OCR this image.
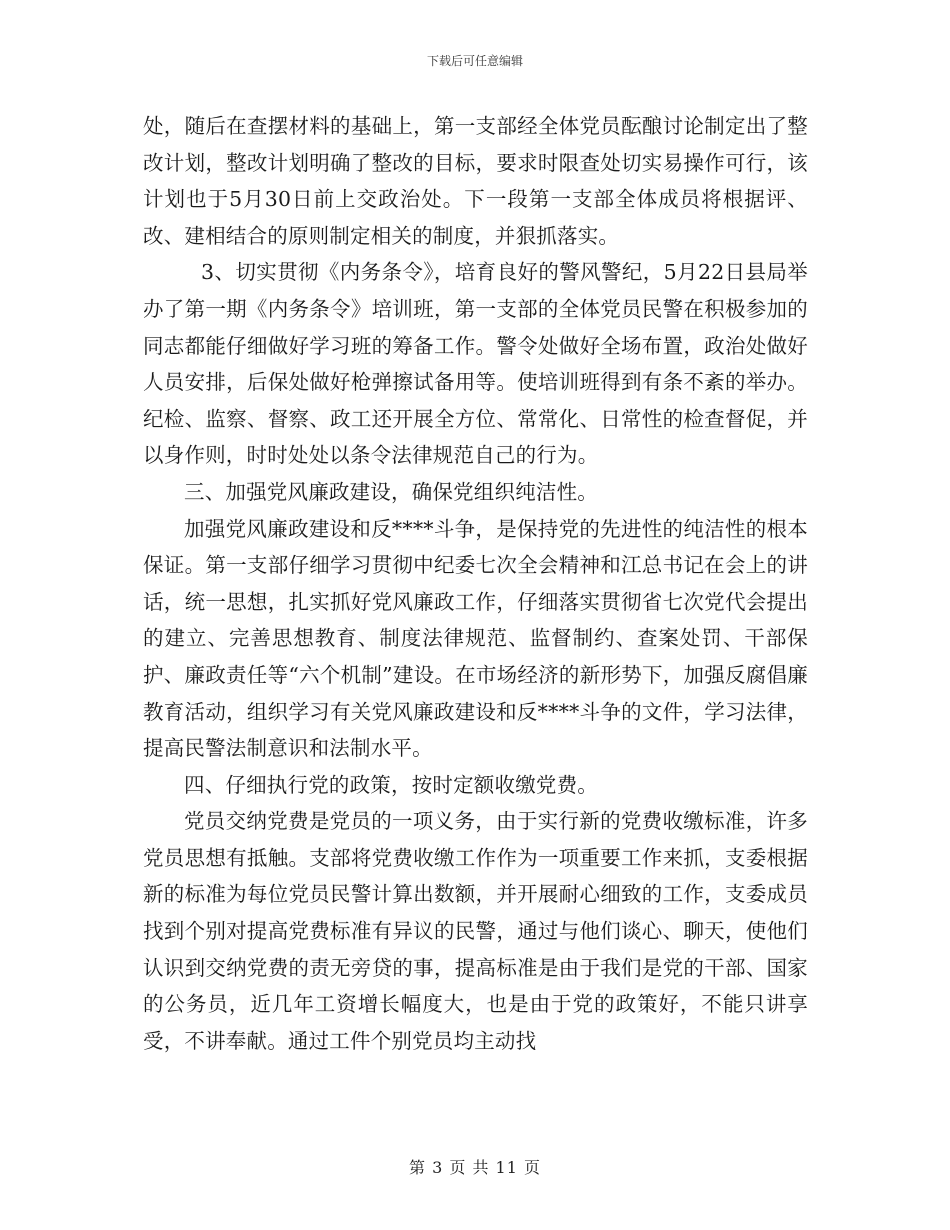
下载后可任意编辑

处，随后在查摆材料的基础上，第一支部经全体党员酝酿讨论制定出了整改计划，整改计划明确了整改的目标，要求时限查处切实易操作可行，该计划也于5月30日前上交政治处。下一段第一支部全体成员将根据评、改、建相结合的原则制定相关的制度，并狠抓落实。

3、切实贯彻《内务条令》，培育良好的警风警纪，5月22日县局举办了第一期《内务条令》培训班，第一支部的全体党员民警在积极参加的同志都能仔细做好学习班的筹备工作。警令处做好全场布置，政治处做好人员安排，后保处做好枪弹擦试备用等。使培训班得到有条不紊的举办。纪检、监察、督察、政工还开展全方位、常常化、日常性的检查督促，并以身作则，时时处处以条令法律规范自己的行为。

三、加强党风廉政建设，确保党组织纯洁性。

加强党风廉政建设和反****斗争，是保持党的先进性的纯洁性的根本保证。第一支部仔细学习贯彻中纪委七次全会精神和江总书记在会上的讲话，统一思想，扎实抓好党风廉政工作，仔细落实贯彻省七次党代会提出的建立、完善思想教育、制度法律规范、监督制约、查案处罚、干部保护、廉政责任等“六个机制”建设。在市场经济的新形势下，加强反腐倡廉教育活动，组织学习有关党风廉政建设和反****斗争的文件，学习法律，提高民警法制意识和法制水平。

四、仔细执行党的政策，按时定额收缴党费。

党员交纳党费是党员的一项义务，由于实行新的党费收缴标准，许多党员思想有抵触。支部将党费收缴工作作为一项重要工作来抓，支委根据新的标准为每位党员民警计算出数额，并开展耐心细致的工作，支委成员找到个别对提高党费标准有异议的民警，通过与他们谈心、聊天，使他们认识到交纳党费的责无旁贷的事，提高标准是由于我们是党的干部、国家的公务员，近几年工资增长幅度大，也是由于党的政策好，不能只讲享受，不讲奉献。通过工件个别党员均主动找

第 3 页 共 11 页
